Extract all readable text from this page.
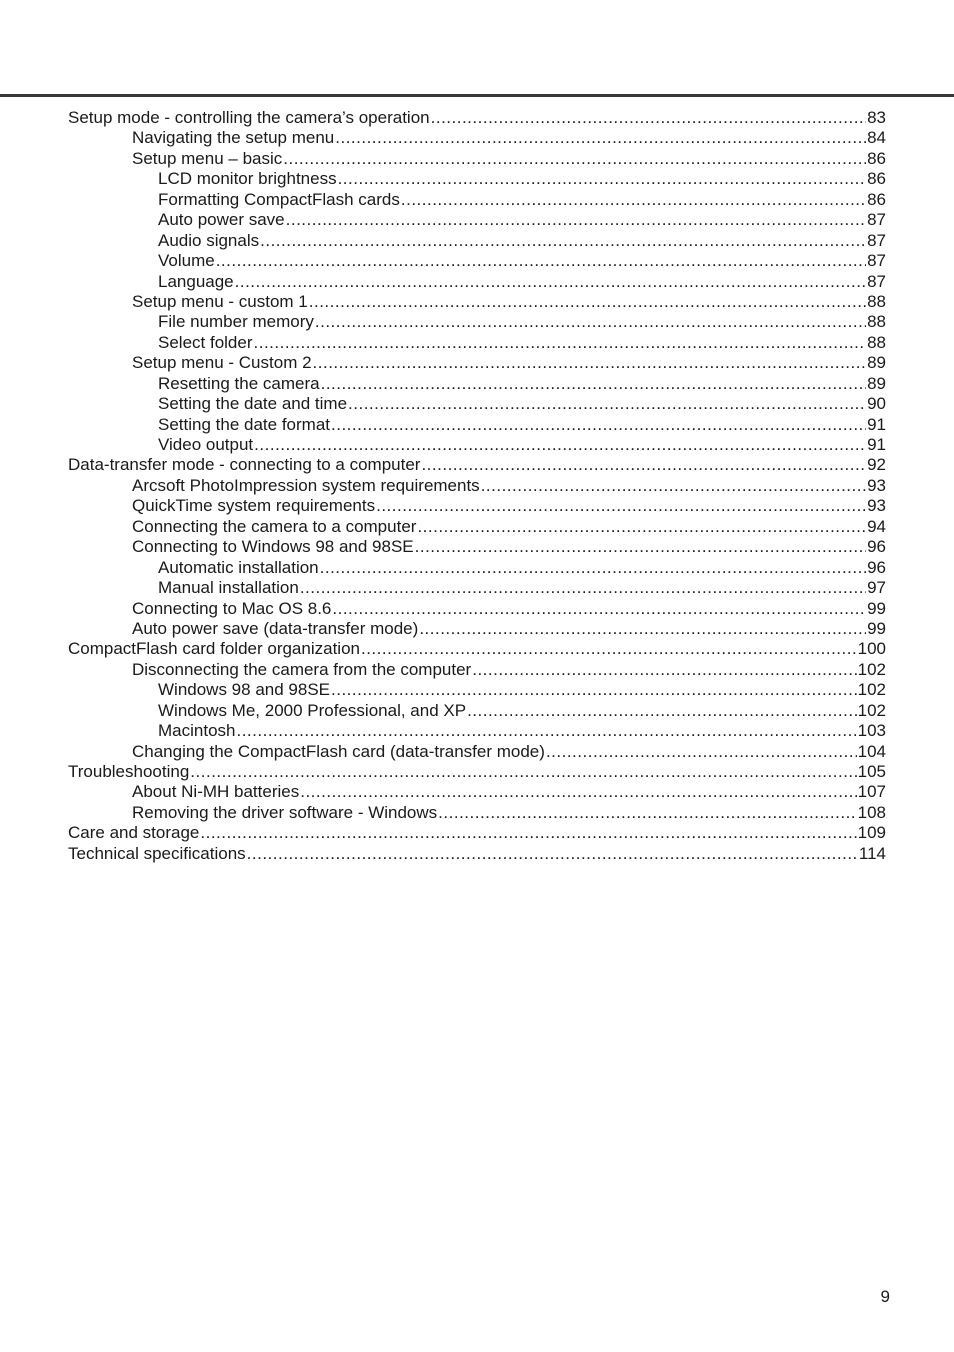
Setup mode - controlling the camera’s operation .....	83
Navigating the setup menu .....	84
Setup menu – basic .....	86
LCD monitor brightness .....	86
Formatting CompactFlash cards .....	86
Auto power save .....	87
Audio signals .....	87
Volume .....	87
Language .....	87
Setup menu - custom 1 .....	88
File number memory .....	88
Select folder .....	88
Setup menu - Custom 2 .....	89
Resetting the camera .....	89
Setting the date and time .....	90
Setting the date format .....	91
Video output .....	91
Data-transfer mode - connecting to a computer .....	92
Arcsoft PhotoImpression system requirements .....	93
QuickTime system requirements .....	93
Connecting the camera to a computer .....	94
Connecting to Windows 98 and 98SE .....	96
Automatic installation .....	96
Manual installation .....	97
Connecting to Mac OS 8.6 .....	99
Auto power save (data-transfer mode) .....	99
CompactFlash card folder organization .....	100
Disconnecting the camera from the computer .....	102
Windows 98 and 98SE .....	102
Windows Me, 2000 Professional, and XP .....	102
Macintosh .....	103
Changing the CompactFlash card (data-transfer mode) .....	104
Troubleshooting .....	105
About Ni-MH batteries .....	107
Removing the driver software - Windows .....	108
Care and storage .....	109
Technical specifications .....	114
9
